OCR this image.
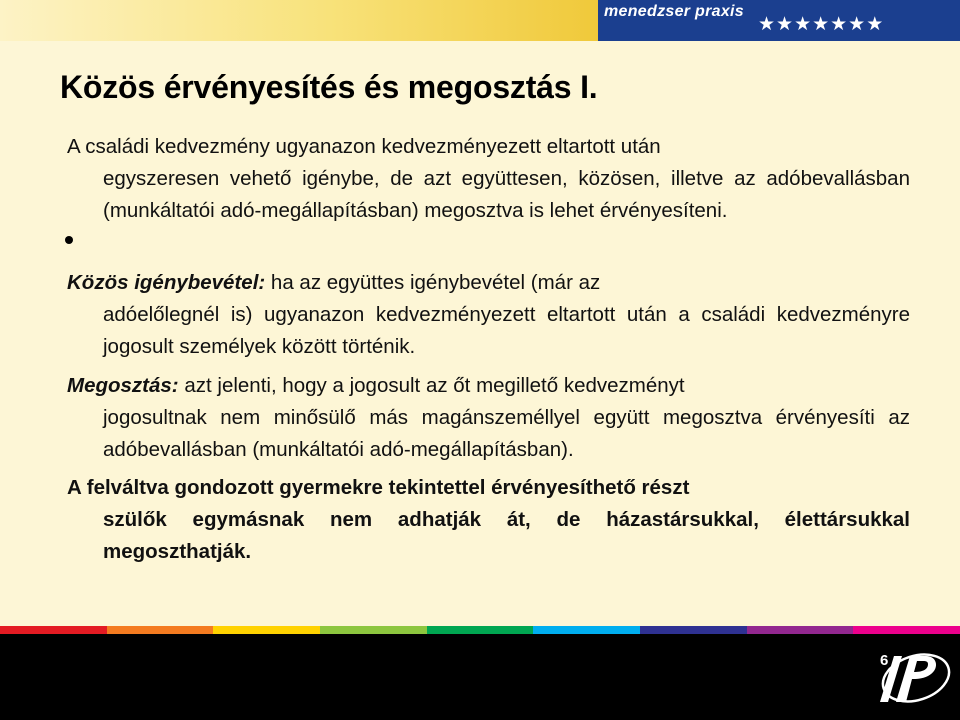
menedzser praxis
★★★★★★★
Közös érvényesítés és megosztás I.
A családi kedvezmény ugyanazon kedvezményezett eltartott után
egyszeresen vehető igénybe, de azt együttesen, közösen, illetve az adóbevallásban (munkáltatói adó-megállapításban) megosztva is lehet érvényesíteni.
Közös igénybevétel: ha az együttes igénybevétel (már az
adóelőlegnél is) ugyanazon kedvezményezett eltartott után a családi kedvezményre jogosult személyek között történik.
Megosztás: azt jelenti, hogy a jogosult az őt megillető kedvezményt
jogosultnak nem minősülő más magánszeméllyel együtt megosztva érvényesíti az adóbevallásban (munkáltatói adó-megállapításban).
A felváltva gondozott gyermekre tekintettel érvényesíthető részt
szülők egymásnak nem adhatják át, de házastársukkal, élettársukkal megoszthatják.
6
